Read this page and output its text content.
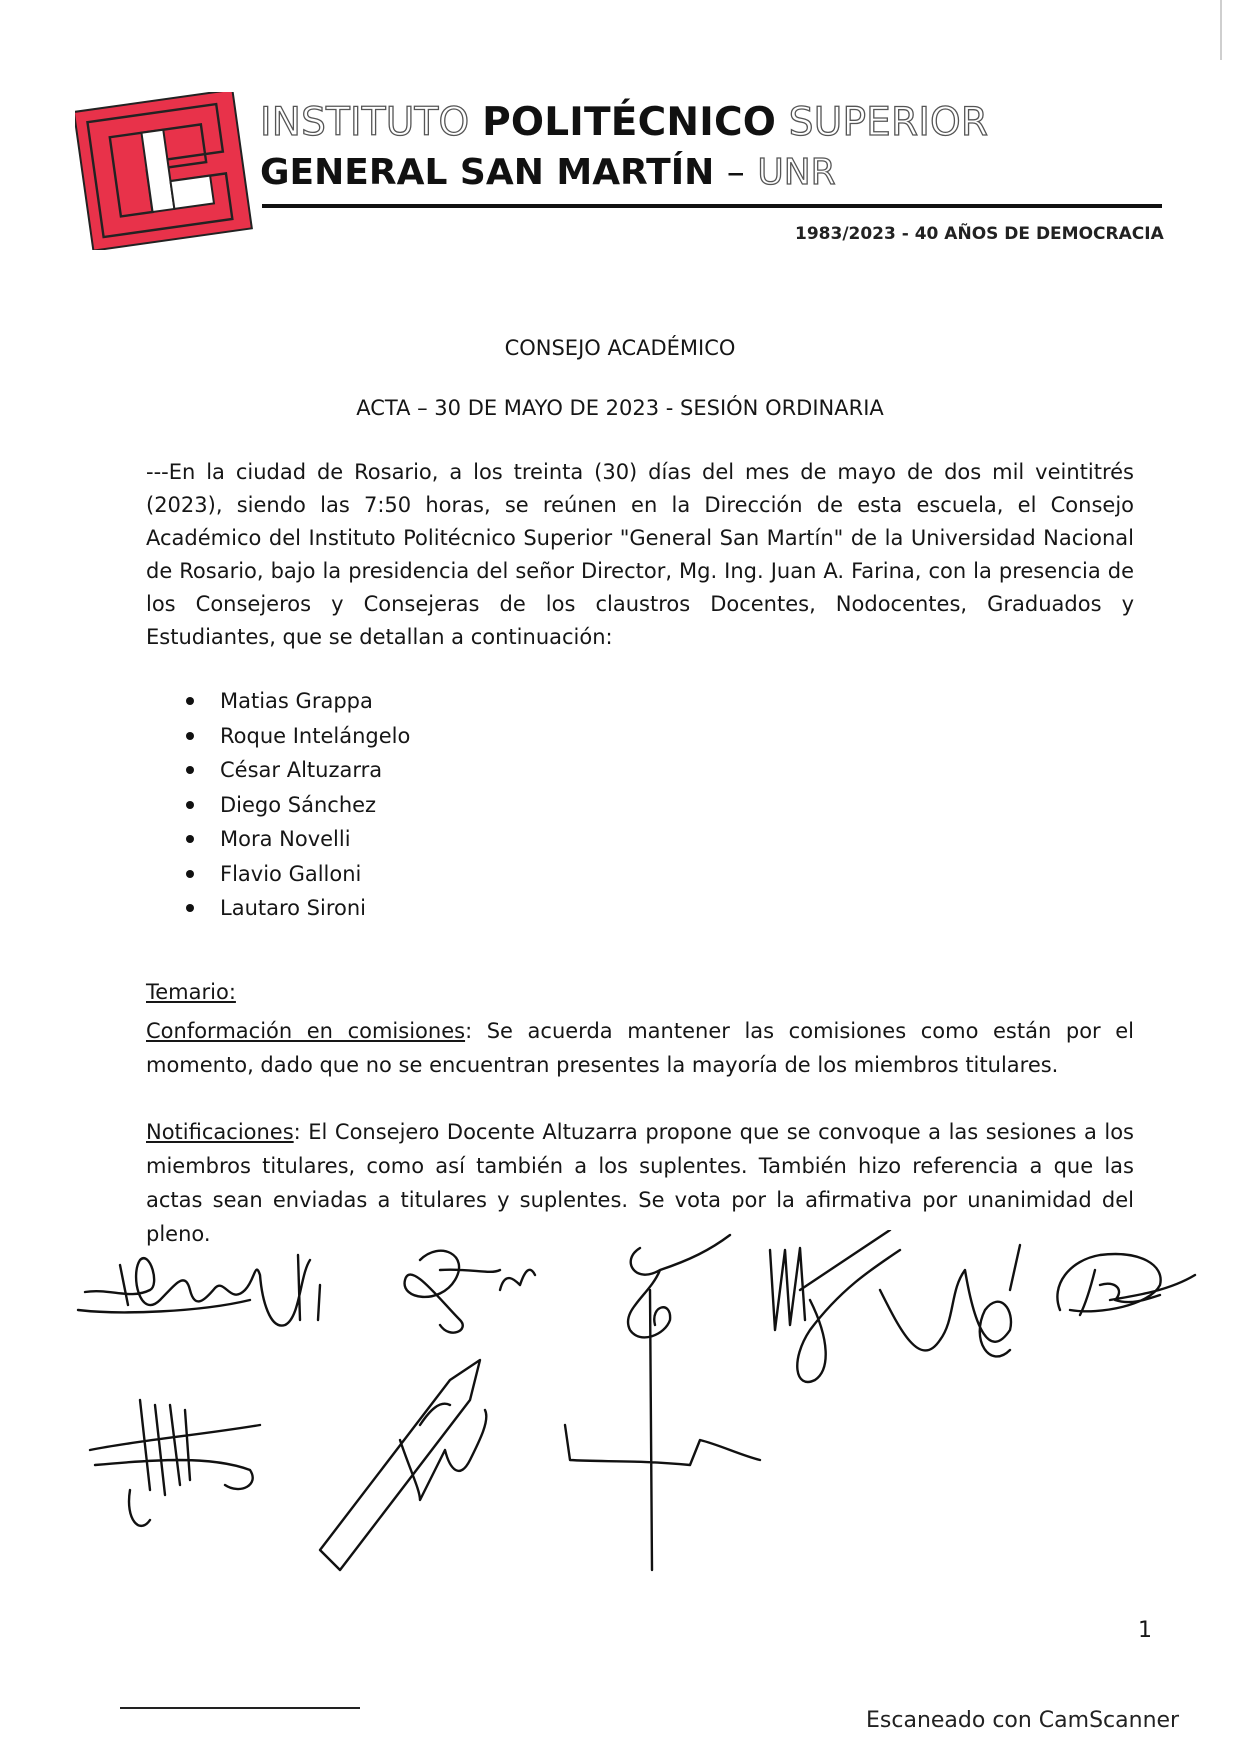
INSTITUTO POLITÉCNICO SUPERIOR
GENERAL SAN MARTÍN – UNR
1983/2023 - 40 AÑOS DE DEMOCRACIA
CONSEJO ACADÉMICO
ACTA – 30 DE MAYO DE 2023 - SESIÓN ORDINARIA
---En la ciudad de Rosario, a los treinta (30) días del mes de mayo de dos mil veintitrés (2023), siendo las 7:50 horas, se reúnen en la Dirección de esta escuela, el Consejo Académico del Instituto Politécnico Superior "General San Martín" de la Universidad Nacional de Rosario, bajo la presidencia del señor Director, Mg. Ing. Juan A. Farina, con la presencia de los Consejeros y Consejeras de los claustros Docentes, Nodocentes, Graduados y Estudiantes, que se detallan a continuación:
Matias Grappa
Roque Intelángelo
César Altuzarra
Diego Sánchez
Mora Novelli
Flavio Galloni
Lautaro Sironi
Temario:
Conformación en comisiones: Se acuerda mantener las comisiones como están por el momento, dado que no se encuentran presentes la mayoría de los miembros titulares.
Notificaciones: El Consejero Docente Altuzarra propone que se convoque a las sesiones a los miembros titulares, como así también a los suplentes. También hizo referencia a que las actas sean enviadas a titulares y suplentes. Se vota por la afirmativa por unanimidad del pleno.
1
Escaneado con CamScanner
